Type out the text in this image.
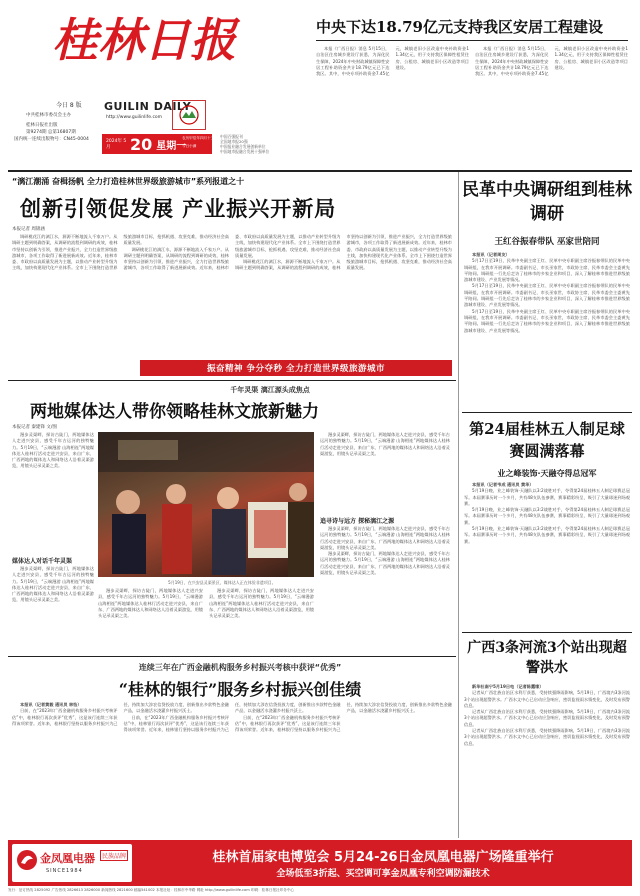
桂林日报
今日 8 版
中共桂林市委员会主办
桂林日报社出版
第9274期 总第16807期
国内统一连续出版物号：CN45-0004
GUILIN DAILY
http://www.guilinlife.com
2024年 5月	20 星期一
农历甲辰年四月十三
今日小满
中国百强报刊
全国地市报20强
中国报业融合发展创新单位
中国地市报融合发展十强单位
中央下达18.79亿元支持我区安居工程建设

本报《广西日报》消息 5月15日，自治区住房城乡建设厅获悉，为深化民生保障，2024年中央财政城镇保障性安居工程补助资金共计18.79亿元已下达我区。其中，中央专项补助资金7.45亿元，城镇老旧小区改造中央补助资金11.34亿元，用于支持我区保障性租赁住房、公租房、城镇老旧小区改造等项目建设。

本报《广西日报》消息 5月15日，自治区住房城乡建设厅获悉，为深化民生保障，2024年中央财政城镇保障性安居工程补助资金共计18.79亿元已下达我区。其中，中央专项补助资金7.45亿元，城镇老旧小区改造中央补助资金11.34亿元，用于支持我区保障性租赁住房、公租房、城镇老旧小区改造等项目建设。

“漓江潮涌 奋楫扬帆 全力打造桂林世界级旅游城市”系列报道之十
创新引领促发展 产业振兴开新局
本报记者 周锦涵

调研桃花江的漓江水，源源不断地流入千家万户。从调研主题到明确答案，从调研的流程到调研的成效，桂林市坚持以创新为引领，推进产业振兴，全力打造世界级旅游城市，各项工作取得了新进展新成效。近年来，桂林市委、市政府以高质量发展为主题，以推动产业转型升级为主线，加快构建现代化产业体系。全市上下围绕打造世界级旅游城市目标，抢抓机遇、攻坚克难，推动经济社会高质量发展。

调研桃花江的漓江水，源源不断地流入千家万户。从调研主题到明确答案，从调研的流程到调研的成效，桂林市坚持以创新为引领，推进产业振兴，全力打造世界级旅游城市，各项工作取得了新进展新成效。近年来，桂林市委、市政府以高质量发展为主题，以推动产业转型升级为主线，加快构建现代化产业体系。全市上下围绕打造世界级旅游城市目标，抢抓机遇、攻坚克难，推动经济社会高质量发展。

调研桃花江的漓江水，源源不断地流入千家万户。从调研主题到明确答案，从调研的流程到调研的成效，桂林市坚持以创新为引领，推进产业振兴，全力打造世界级旅游城市，各项工作取得了新进展新成效。近年来，桂林市委、市政府以高质量发展为主题，以推动产业转型升级为主线，加快构建现代化产业体系。全市上下围绕打造世界级旅游城市目标，抢抓机遇、攻坚克难，推动经济社会高质量发展。

振奋精神 争分夺秒 全力打造世界级旅游城市
千年灵渠 漓江源头成焦点
两地媒体达人带你领略桂林文旅新魅力
本报记者 秦建锋 文/图

漫步灵渠畔，探访古陡门，两地媒体达人走进兴安县，感受千年古运河的独特魅力。5月19日，“云端漫游 山海相连”两地媒体达人桂林行活动走进兴安县，来自广东、广西两地的媒体达人和网络达人沿着灵渠游览，用镜头记录灵渠之美。

5月19日，在兴安县灵渠景区，媒体达人正在体验非遗项目。
媒体达人对话千年灵渠

漫步灵渠畔，探访古陡门，两地媒体达人走进兴安县，感受千年古运河的独特魅力。5月19日，“云端漫游 山海相连”两地媒体达人桂林行活动走进兴安县，来自广东、广西两地的媒体达人和网络达人沿着灵渠游览，用镜头记录灵渠之美。

漫步灵渠畔，探访古陡门，两地媒体达人走进兴安县，感受千年古运河的独特魅力。5月19日，“云端漫游 山海相连”两地媒体达人桂林行活动走进兴安县，来自广东、广西两地的媒体达人和网络达人沿着灵渠游览，用镜头记录灵渠之美。

漫步灵渠畔，探访古陡门，两地媒体达人走进兴安县，感受千年古运河的独特魅力。5月19日，“云端漫游 山海相连”两地媒体达人桂林行活动走进兴安县，来自广东、广西两地的媒体达人和网络达人沿着灵渠游览，用镜头记录灵渠之美。

漫步灵渠畔，探访古陡门，两地媒体达人走进兴安县，感受千年古运河的独特魅力。5月19日，“云端漫游 山海相连”两地媒体达人桂林行活动走进兴安县，来自广东、广西两地的媒体达人和网络达人沿着灵渠游览，用镜头记录灵渠之美。

追寻诗与远方 探秘漓江之源

漫步灵渠畔，探访古陡门，两地媒体达人走进兴安县，感受千年古运河的独特魅力。5月19日，“云端漫游 山海相连”两地媒体达人桂林行活动走进兴安县，来自广东、广西两地的媒体达人和网络达人沿着灵渠游览，用镜头记录灵渠之美。

漫步灵渠畔，探访古陡门，两地媒体达人走进兴安县，感受千年古运河的独特魅力。5月19日，“云端漫游 山海相连”两地媒体达人桂林行活动走进兴安县，来自广东、广西两地的媒体达人和网络达人沿着灵渠游览，用镜头记录灵渠之美。

连续三年在广西金融机构服务乡村振兴考核中获评“优秀”
“桂林的银行”服务乡村振兴创佳绩

本报讯（记者黄毅 通讯员 林怡）

日前，在“2023年广西金融机构服务乡村振兴考核评估”中，桂林银行再次获评“优秀”，这是该行连续三年获得该项荣誉。近年来，桂林银行坚持以服务乡村振兴为己任，持续加大涉农信贷投放力度，创新推出多款特色金融产品，以金融活水浇灌乡村振兴沃土。

日前，在“2023年广西金融机构服务乡村振兴考核评估”中，桂林银行再次获评“优秀”，这是该行连续三年获得该项荣誉。近年来，桂林银行坚持以服务乡村振兴为己任，持续加大涉农信贷投放力度，创新推出多款特色金融产品，以金融活水浇灌乡村振兴沃土。

日前，在“2023年广西金融机构服务乡村振兴考核评估”中，桂林银行再次获评“优秀”，这是该行连续三年获得该项荣誉。近年来，桂林银行坚持以服务乡村振兴为己任，持续加大涉农信贷投放力度，创新推出多款特色金融产品，以金融活水浇灌乡村振兴沃土。

民革中央调研组到桂林调研
王红谷振春带队 巫家世陪同

本报讯（记者周友）

5月17日至19日，民革中央副主席王红、民革中央专职副主席谷振春带队的民革中央调研组，在我市开展调研。市委副书记、市长巫家世，市政协主席、民革市委会主委黄先平陪同。调研组一行先后走访了桂林市的多家企业和项目，深入了解桂林市推进世界级旅游城市建设、产业发展等情况。

5月17日至19日，民革中央副主席王红、民革中央专职副主席谷振春带队的民革中央调研组，在我市开展调研。市委副书记、市长巫家世，市政协主席、民革市委会主委黄先平陪同。调研组一行先后走访了桂林市的多家企业和项目，深入了解桂林市推进世界级旅游城市建设、产业发展等情况。

5月17日至19日，民革中央副主席王红、民革中央专职副主席谷振春带队的民革中央调研组，在我市开展调研。市委副书记、市长巫家世，市政协主席、民革市委会主委黄先平陪同。调研组一行先后走访了桂林市的多家企业和项目，深入了解桂林市推进世界级旅游城市建设、产业发展等情况。

第24届桂林五人制足球赛圆满落幕
业之峰装饰·天融夺得总冠军

本报讯（记者韦成 通讯员 黄华）

5月19日晚，业之峰装饰·天融队以3:2战胜对手，夺得第24届桂林五人制足球赛总冠军。本届赛事历时一个多月，共有48支队伍参赛，赛事精彩纷呈，吸引了大量球迷到场观赛。

5月19日晚，业之峰装饰·天融队以3:2战胜对手，夺得第24届桂林五人制足球赛总冠军。本届赛事历时一个多月，共有48支队伍参赛，赛事精彩纷呈，吸引了大量球迷到场观赛。

5月19日晚，业之峰装饰·天融队以3:2战胜对手，夺得第24届桂林五人制足球赛总冠军。本届赛事历时一个多月，共有48支队伍参赛，赛事精彩纷呈，吸引了大量球迷到场观赛。

广西3条河流3个站出现超警洪水

新华社南宁5月19日电（记者陈露缘）

记者从广西壮族自治区水利厅获悉，受持续强降雨影响，5月19日，广西境内3条河流3个站出现超警洪水。广西水文中心已启动应急响应，密切监视雨水情变化，及时发布预警信息。

记者从广西壮族自治区水利厅获悉，受持续强降雨影响，5月19日，广西境内3条河流3个站出现超警洪水。广西水文中心已启动应急响应，密切监视雨水情变化，及时发布预警信息。

记者从广西壮族自治区水利厅获悉，受持续强降雨影响，5月19日，广西境内3条河流3个站出现超警洪水。广西水文中心已启动应急响应，密切监视雨水情变化，及时发布预警信息。

金凤凰电器
SINCE1984
民族品牌	桂林首届家电博览会 5月24-26日金凤凰电器广场隆重举行
全场低至3折起、买空调可享金凤凰专利空调防漏技术
发行：征订热线 2825092 广告热线 2826613 2826000 新闻热线 2821600 邮编541002 本报社址：桂林市中华路 网址 http://www.guilinlife.com 印刷：桂林日报社印务中心
